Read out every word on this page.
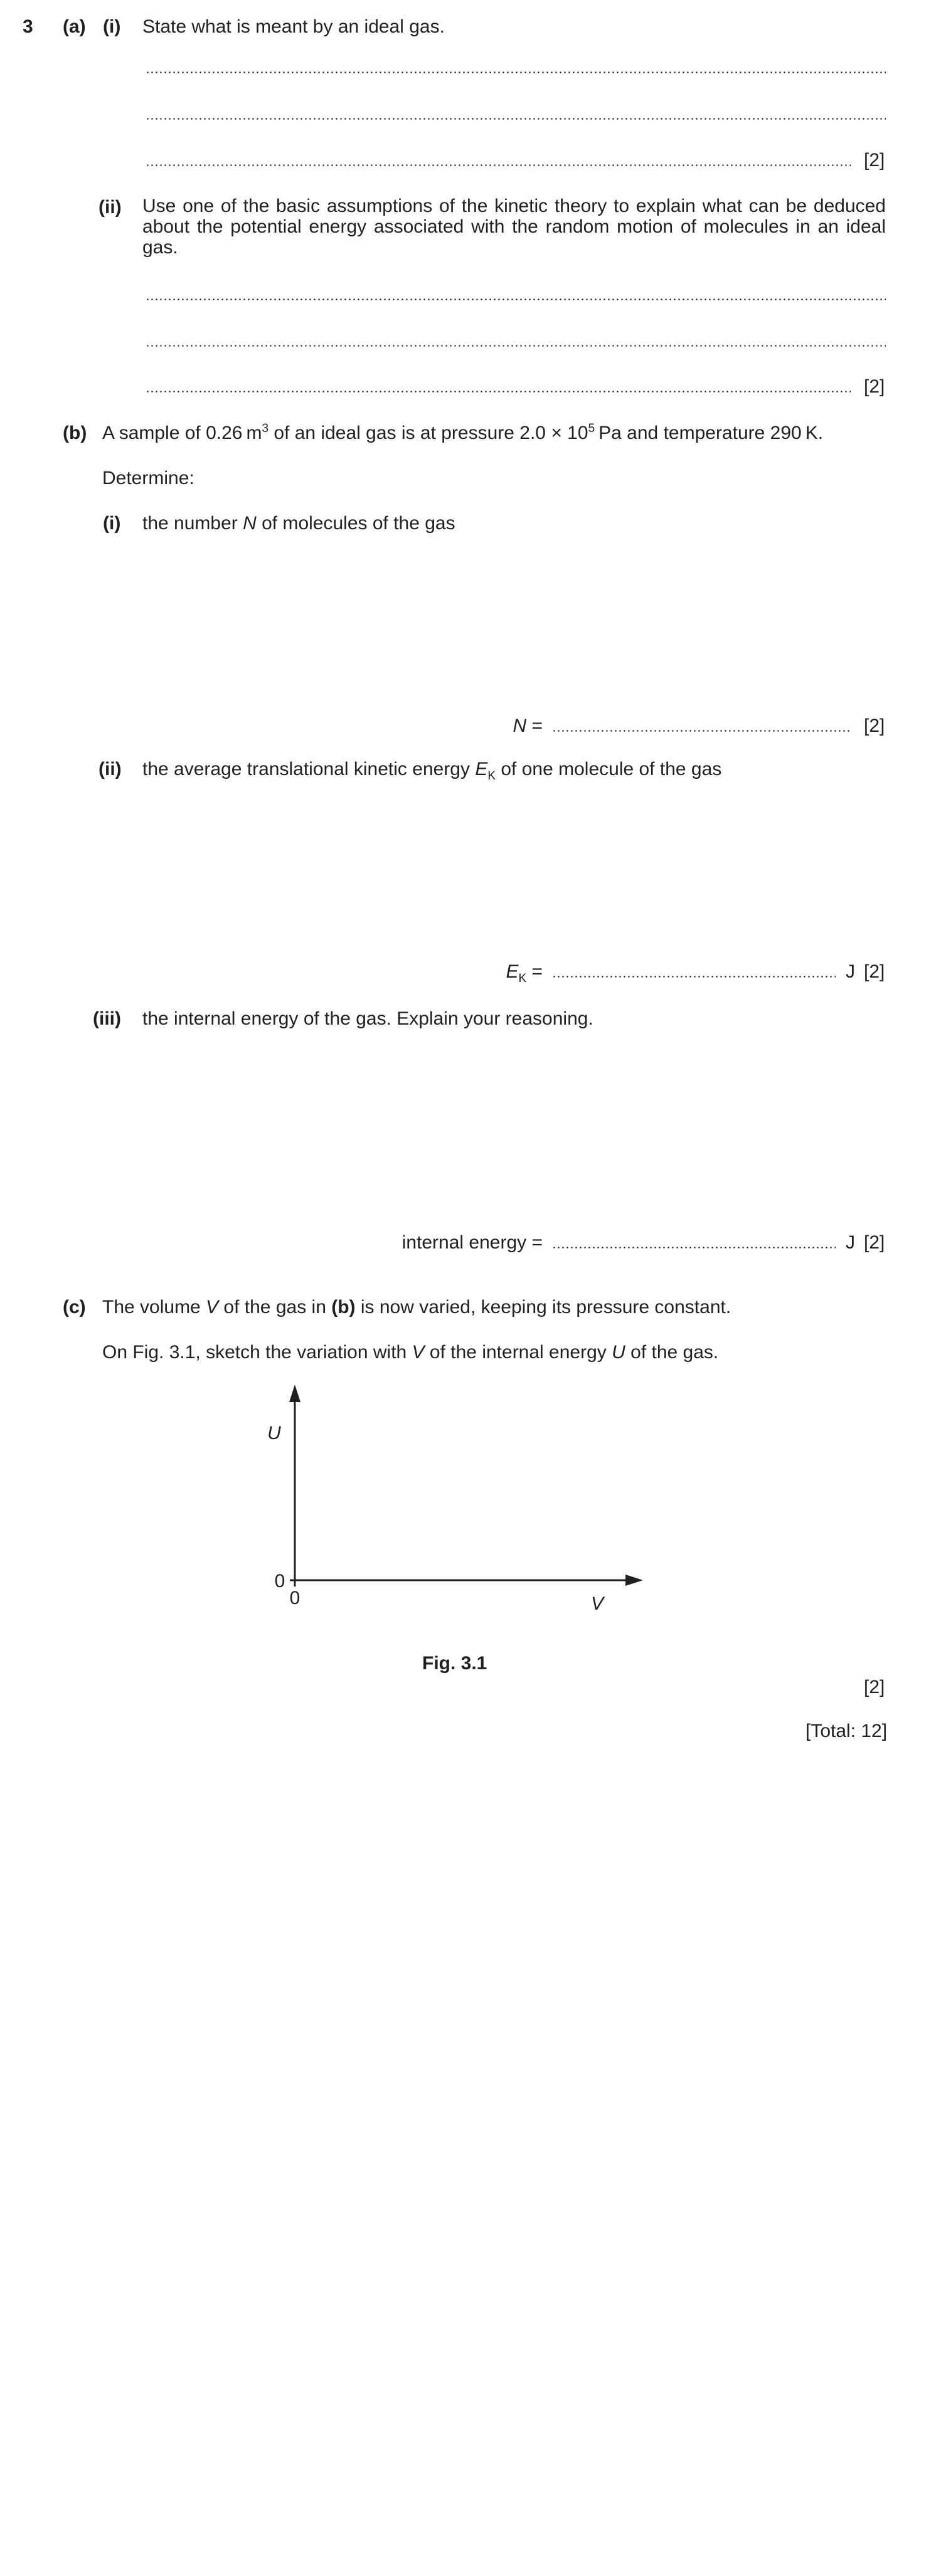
3 (a) (i) State what is meant by an ideal gas.
[2]
(ii) Use one of the basic assumptions of the kinetic theory to explain what can be deduced about the potential energy associated with the random motion of molecules in an ideal gas.
[2]
(b) A sample of 0.26 $m^3$ of an ideal gas is at pressure $2.0 \times 10^5$ Pa and temperature 290 K.
Determine:
(i) the number N of molecules of the gas
N =	[2]
(ii) the average translational kinetic energy $E_K$ of one molecule of the gas
$E_K$ =	J [2]
(iii) the internal energy of the gas. Explain your reasoning.
internal energy =	J [2]
(c) The volume V of the gas in (b) is now varied, keeping its pressure constant.
On Fig. 3.1, sketch the variation with V of the internal energy U of the gas.
U
V
0
0
Fig. 3.1
[2]
[Total: 12]
